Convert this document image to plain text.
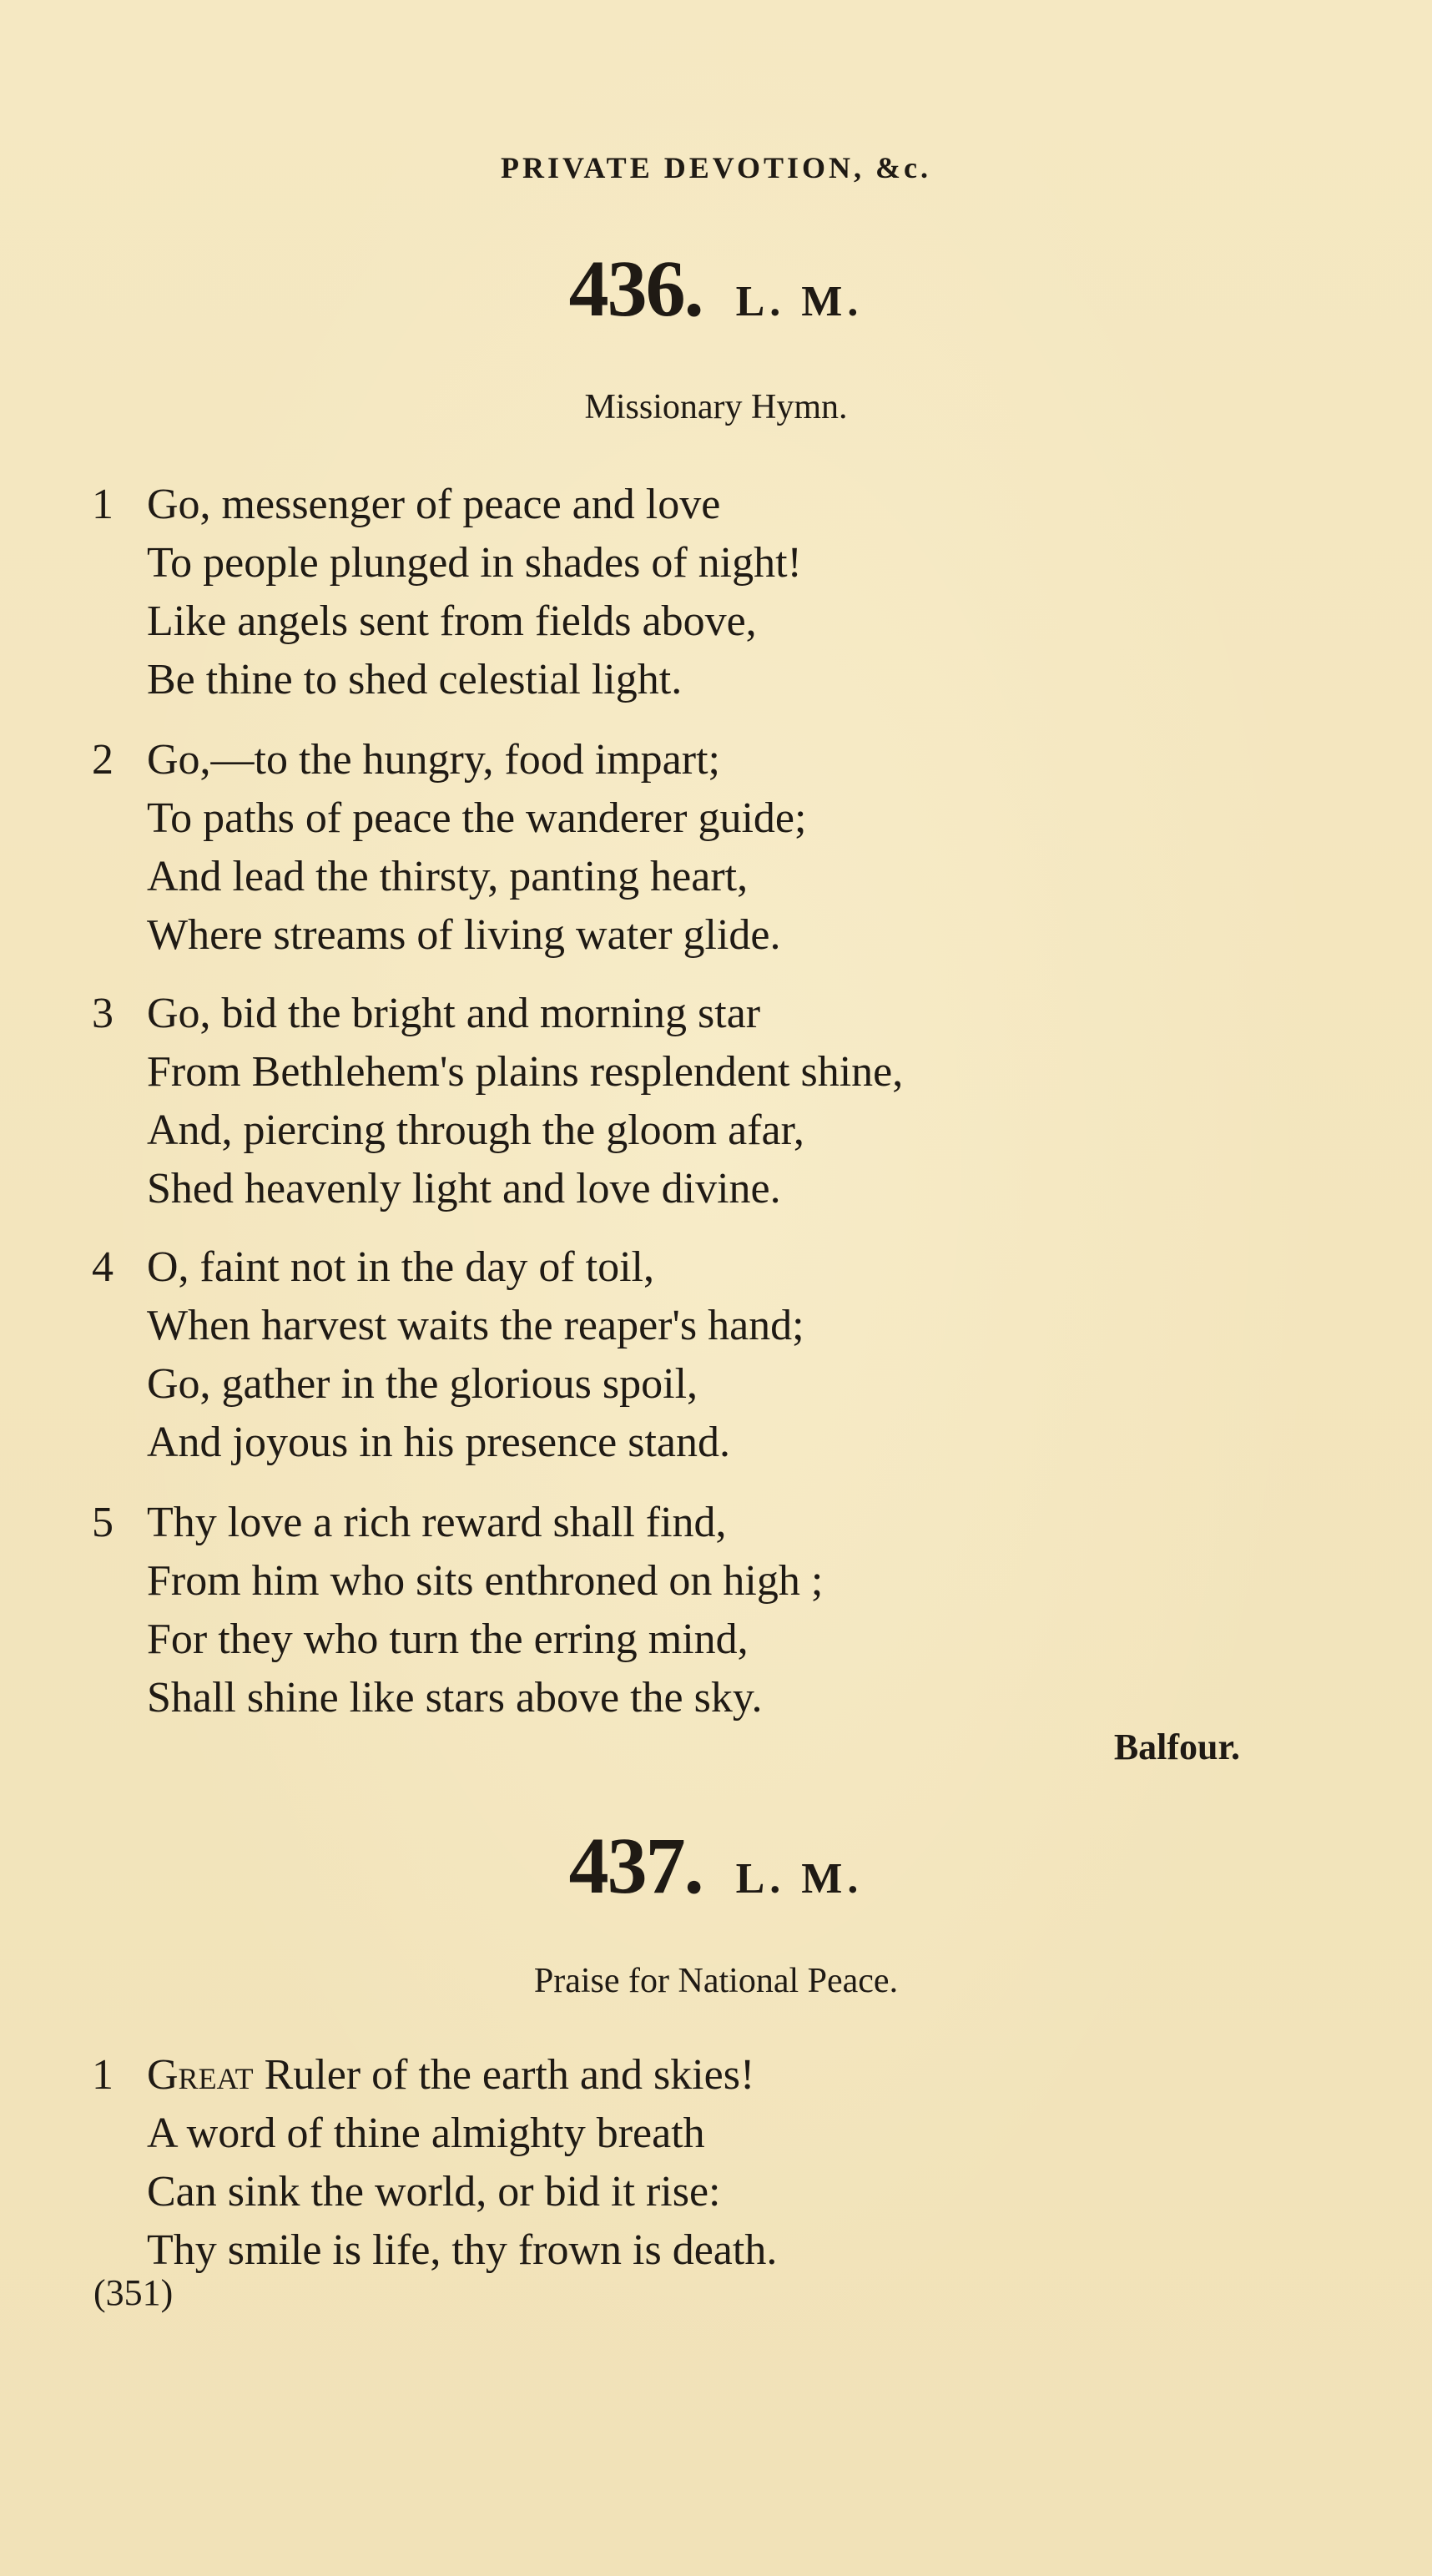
PRIVATE DEVOTION, &c.
436. L. M.
Missionary Hymn.
1 Go, messenger of peace and love
To people plunged in shades of night!
Like angels sent from fields above,
Be thine to shed celestial light.
2 Go,—to the hungry, food impart;
To paths of peace the wanderer guide;
And lead the thirsty, panting heart,
Where streams of living water glide.
3 Go, bid the bright and morning star
From Bethlehem's plains resplendent shine,
And, piercing through the gloom afar,
Shed heavenly light and love divine.
4 O, faint not in the day of toil,
When harvest waits the reaper's hand;
Go, gather in the glorious spoil,
And joyous in his presence stand.
5 Thy love a rich reward shall find,
From him who sits enthroned on high ;
For they who turn the erring mind,
Shall shine like stars above the sky.
Balfour.
437. L. M.
Praise for National Peace.
1 Great Ruler of the earth and skies!
A word of thine almighty breath
Can sink the world, or bid it rise:
Thy smile is life, thy frown is death.
(351)
